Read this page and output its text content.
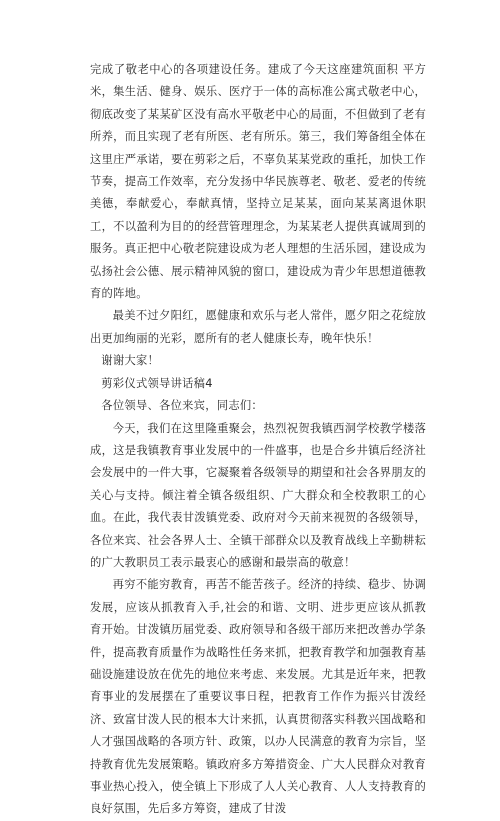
完成了敬老中心的各项建设任务。建成了今天这座建筑面积 平方米，集生活、健身、娱乐、医疗于一体的高标准公寓式敬老中心，彻底改变了某某矿区没有高水平敬老中心的局面，不但做到了老有所养，而且实现了老有所医、老有所乐。第三，我们筹备组全体在这里庄严承诺，要在剪彩之后，不辜负某某党政的重托，加快工作节奏，提高工作效率，充分发扬中华民族尊老、敬老、爱老的传统美德，奉献爱心，奉献真情，坚持立足某某，面向某某离退休职工，不以盈利为目的的经营管理理念，为某某老人提供真诚周到的服务。真正把中心敬老院建设成为老人理想的生活乐园，建设成为弘扬社会公德、展示精神风貌的窗口，建设成为青少年思想道德教育的阵地。

最美不过夕阳红，愿健康和欢乐与老人常伴，愿夕阳之花绽放出更加绚丽的光彩，愿所有的老人健康长寿，晚年快乐！

谢谢大家！

剪彩仪式领导讲话稿4

各位领导、各位来宾，同志们：

今天，我们在这里隆重聚会，热烈祝贺我镇西洞学校教学楼落成，这是我镇教育事业发展中的一件盛事，也是合乡井镇后经济社会发展中的一件大事，它凝聚着各级领导的期望和社会各界朋友的关心与支持。倾注着全镇各级组织、广大群众和全校教职工的心血。在此，我代表甘泼镇党委、政府对今天前来视贺的各级领导，各位来宾、社会各界人士、全镇干部群众以及教育战线上辛勤耕耘的广大教职员工表示最衷心的感谢和最崇高的敬意！

再穷不能穷教育，再苦不能苦孩子。经济的持续、稳步、协调发展，应该从抓教育入手,社会的和谐、文明、进步更应该从抓教育开始。甘泼镇历届党委、政府领导和各级干部历来把改善办学条件，提高教育质量作为战略性任务来抓，把教育教学和加强教育基础设施建设放在优先的地位来考虑、来发展。尤其是近年来，把教育事业的发展摆在了重要议事日程，把教育工作作为振兴甘泼经济、致富甘泼人民的根本大计来抓，认真贯彻落实科教兴国战略和人才强国战略的各项方针、政策，以办人民满意的教育为宗旨，坚持教育优先发展策略。镇政府多方筹措资金、广大人民群众对教育事业热心投入，使全镇上下形成了人人关心教育、人人支持教育的良好氛围，先后多方筹资，建成了甘泼
